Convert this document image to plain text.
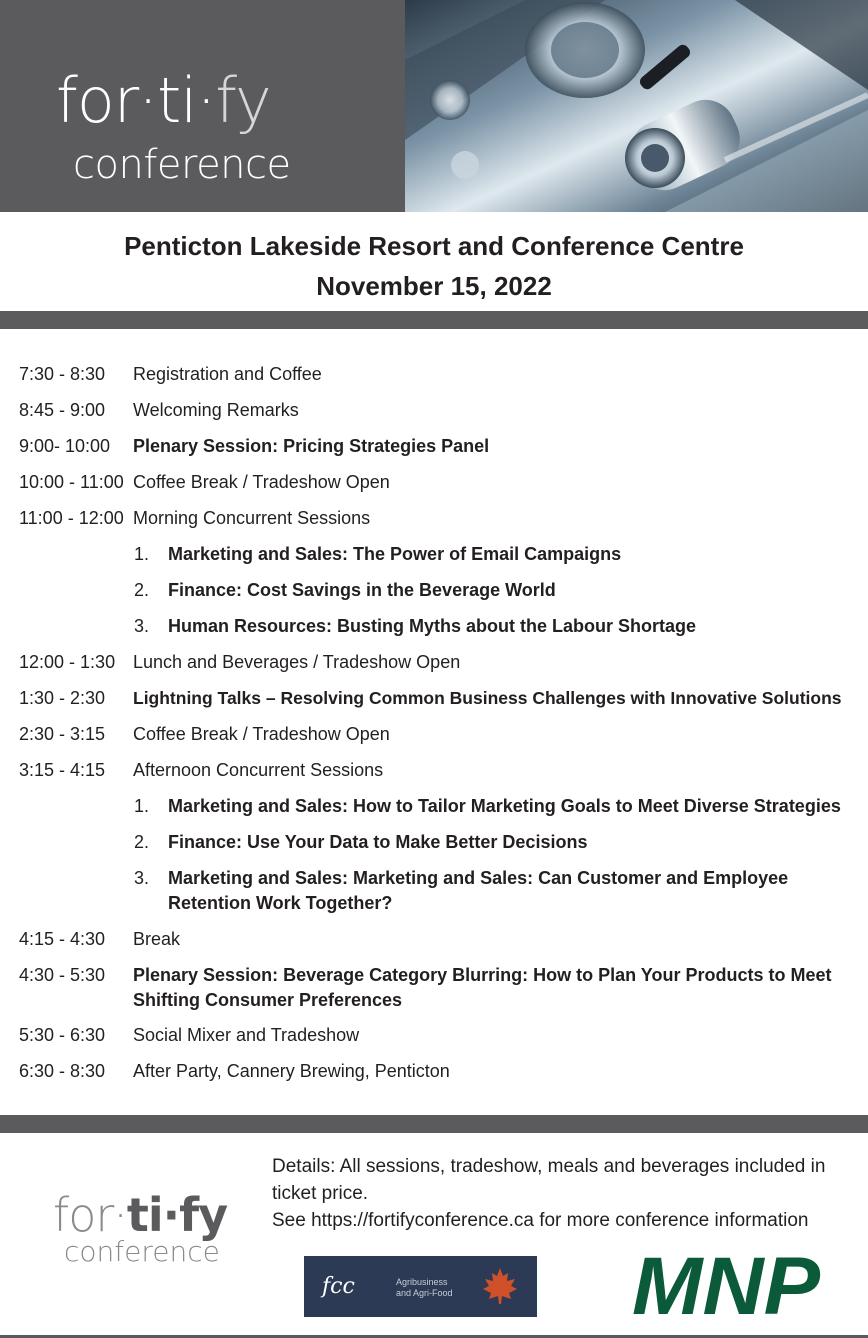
for·ti·fy
conference
Penticton Lakeside Resort and Conference Centre
November 15, 2022
7:30 - 8:30 Registration and Coffee
8:45 - 9:00 Welcoming Remarks
9:00- 10:00 Plenary Session: Pricing Strategies Panel
10:00 - 11:00 Coffee Break / Tradeshow Open
11:00 - 12:00 Morning Concurrent Sessions
1. Marketing and Sales: The Power of Email Campaigns
2. Finance: Cost Savings in the Beverage World
3. Human Resources: Busting Myths about the Labour Shortage
12:00 - 1:30 Lunch and Beverages / Tradeshow Open
1:30 - 2:30 Lightning Talks – Resolving Common Business Challenges with Innovative Solutions
2:30 - 3:15 Coffee Break / Tradeshow Open
3:15 - 4:15 Afternoon Concurrent Sessions
1. Marketing and Sales: How to Tailor Marketing Goals to Meet Diverse Strategies
2. Finance: Use Your Data to Make Better Decisions
3. Marketing and Sales: Marketing and Sales: Can Customer and Employee Retention Work Together?
4:15 - 4:30 Break
4:30 - 5:30 Plenary Session: Beverage Category Blurring: How to Plan Your Products to Meet Shifting Consumer Preferences
5:30 - 6:30 Social Mixer and Tradeshow
6:30 - 8:30 After Party, Cannery Brewing, Penticton
for·ti·fy
conference
Details: All sessions, tradeshow, meals and beverages included in ticket price.
See https://fortifyconference.ca for more conference information
fcc	Agribusiness
and Agri-Food MNP
